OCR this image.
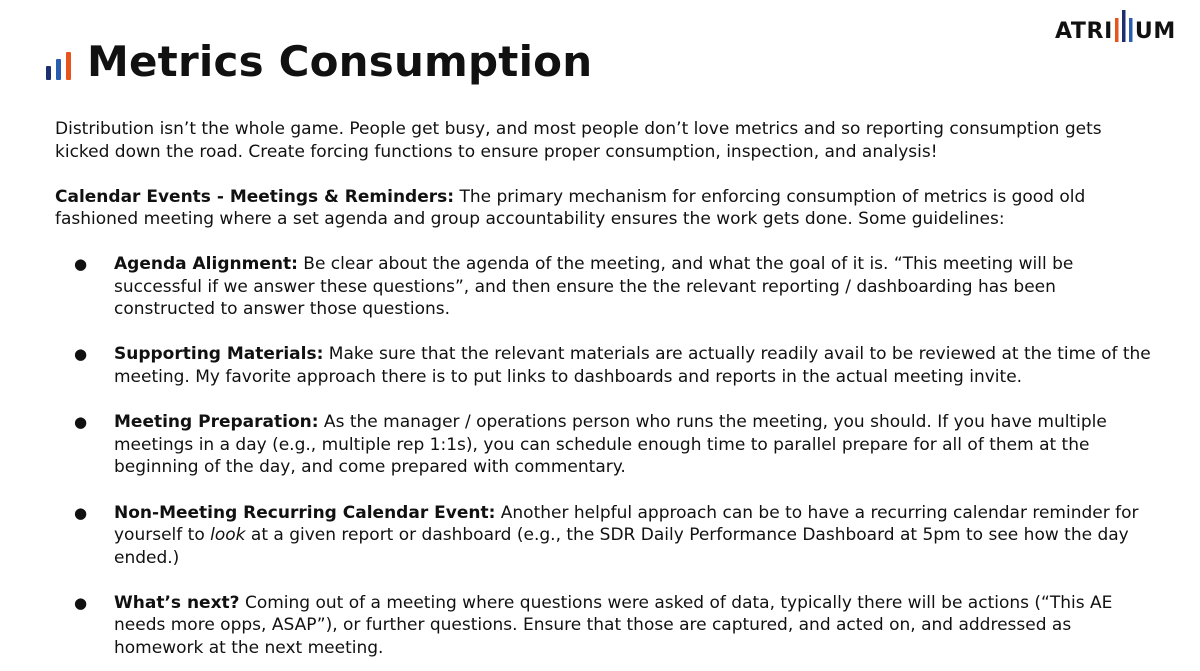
Metrics Consumption
ATRI UM

Distribution isn’t the whole game. People get busy, and most people don’t love metrics and so reporting consumption gets kicked down the road. Create forcing functions to ensure proper consumption, inspection, and analysis!

Calendar Events - Meetings & Reminders: The primary mechanism for enforcing consumption of metrics is good old fashioned meeting where a set agenda and group accountability ensures the work gets done. Some guidelines:

● Agenda Alignment: Be clear about the agenda of the meeting, and what the goal of it is. “This meeting will be successful if we answer these questions”, and then ensure the the relevant reporting / dashboarding has been constructed to answer those questions.
● Supporting Materials: Make sure that the relevant materials are actually readily avail to be reviewed at the time of the meeting. My favorite approach there is to put links to dashboards and reports in the actual meeting invite.
● Meeting Preparation: As the manager / operations person who runs the meeting, you should. If you have multiple meetings in a day (e.g., multiple rep 1:1s), you can schedule enough time to parallel prepare for all of them at the beginning of the day, and come prepared with commentary.
● Non-Meeting Recurring Calendar Event: Another helpful approach can be to have a recurring calendar reminder for yourself to look at a given report or dashboard (e.g., the SDR Daily Performance Dashboard at 5pm to see how the day ended.)
● What’s next? Coming out of a meeting where questions were asked of data, typically there will be actions (“This AE needs more opps, ASAP”), or further questions. Ensure that those are captured, and acted on, and addressed as homework at the next meeting.
